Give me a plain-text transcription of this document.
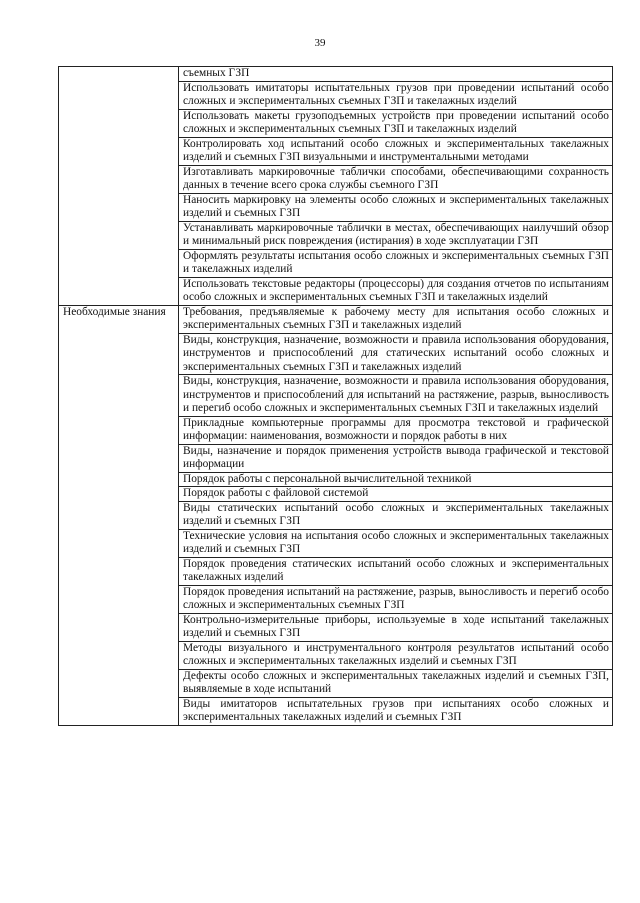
39
	съемных ГЗП
	Использовать имитаторы испытательных грузов при проведении испытаний особо сложных и экспериментальных съемных ГЗП и такелажных изделий
	Использовать макеты грузоподъемных устройств при проведении испытаний особо сложных и экспериментальных съемных ГЗП и такелажных изделий
	Контролировать ход испытаний особо сложных и экспериментальных такелажных изделий и съемных ГЗП визуальными и инструментальными методами
	Изготавливать маркировочные таблички способами, обеспечивающими сохранность данных в течение всего срока службы съемного ГЗП
	Наносить маркировку на элементы особо сложных и экспериментальных такелажных изделий и съемных ГЗП
	Устанавливать маркировочные таблички в местах, обеспечивающих наилучший обзор и минимальный риск повреждения (истирания) в ходе эксплуатации ГЗП
	Оформлять результаты испытания особо сложных и экспериментальных съемных ГЗП и такелажных изделий
	Использовать текстовые редакторы (процессоры) для создания отчетов по испытаниям особо сложных и экспериментальных съемных ГЗП и такелажных изделий
Необходимые знания	Требования, предъявляемые к рабочему месту для испытания особо сложных и экспериментальных съемных ГЗП и такелажных изделий
	Виды, конструкция, назначение, возможности и правила использования оборудования, инструментов и приспособлений для статических испытаний особо сложных и экспериментальных съемных ГЗП и такелажных изделий
	Виды, конструкция, назначение, возможности и правила использования оборудования, инструментов и приспособлений для испытаний на растяжение, разрыв, выносливость и перегиб особо сложных и экспериментальных съемных ГЗП и такелажных изделий
	Прикладные компьютерные программы для просмотра текстовой и графической информации: наименования, возможности и порядок работы в них
	Виды, назначение и порядок применения устройств вывода графической и текстовой информации
	Порядок работы с персональной вычислительной техникой
	Порядок работы с файловой системой
	Виды статических испытаний особо сложных и экспериментальных такелажных изделий и съемных ГЗП
	Технические условия на испытания особо сложных и экспериментальных такелажных изделий и съемных ГЗП
	Порядок проведения статических испытаний особо сложных и экспериментальных такелажных изделий
	Порядок проведения испытаний на растяжение, разрыв, выносливость и перегиб особо сложных и экспериментальных съемных ГЗП
	Контрольно-измерительные приборы, используемые в ходе испытаний такелажных изделий и съемных ГЗП
	Методы визуального и инструментального контроля результатов испытаний особо сложных и экспериментальных такелажных изделий и съемных ГЗП
	Дефекты особо сложных и экспериментальных такелажных изделий и съемных ГЗП, выявляемые в ходе испытаний
	Виды имитаторов испытательных грузов при испытаниях особо сложных и экспериментальных такелажных изделий и съемных ГЗП
